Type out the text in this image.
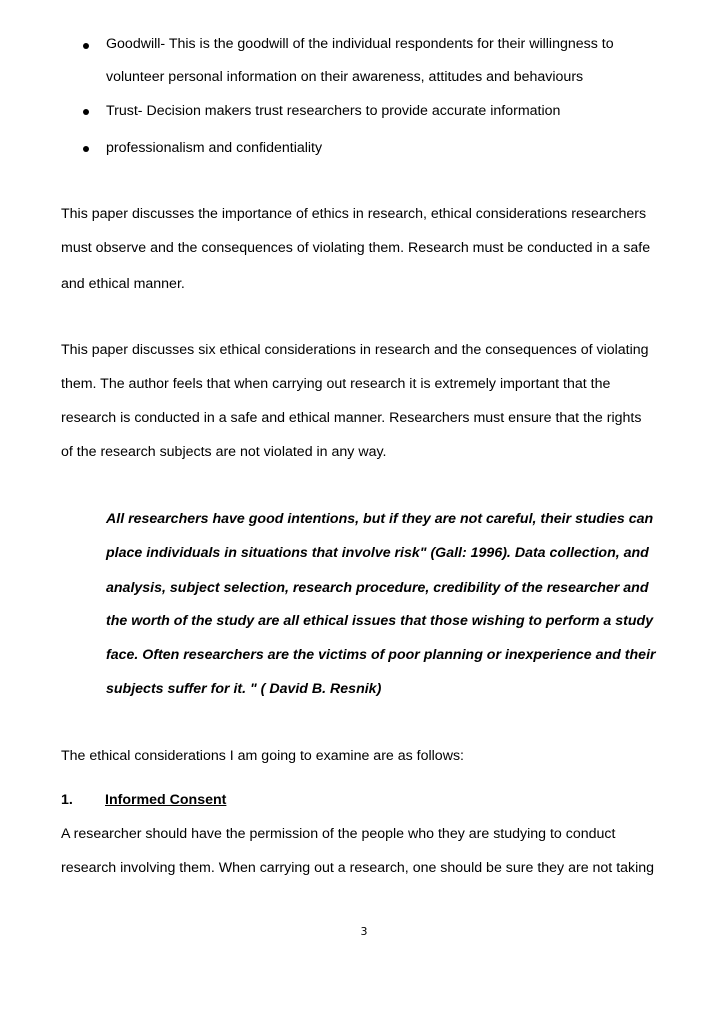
Goodwill- This is the goodwill of the individual respondents for their willingness to
volunteer personal information on their awareness, attitudes and behaviours
Trust- Decision makers trust researchers to provide accurate information
professionalism and confidentiality
This paper discusses the importance of ethics in research, ethical considerations researchers
must observe and the consequences of violating them. Research must be conducted in a safe
and ethical manner.
This paper discusses six ethical considerations in research and the consequences of violating
them. The author feels that when carrying out research it is extremely important that the
research is conducted in a safe and ethical manner. Researchers must ensure that the rights
of the research subjects are not violated in any way.
All researchers have good intentions, but if they are not careful, their studies can
place individuals in situations that involve risk" (Gall: 1996). Data collection, and
analysis, subject selection, research procedure, credibility of the researcher and
the worth of the study are all ethical issues that those wishing to perform a study
face. Often researchers are the victims of poor planning or inexperience and their
subjects suffer for it. " ( David B. Resnik)
The ethical considerations I am going to examine are as follows:
1. Informed Consent
A researcher should have the permission of the people who they are studying to conduct
research involving them. When carrying out a research, one should be sure they are not taking
3
